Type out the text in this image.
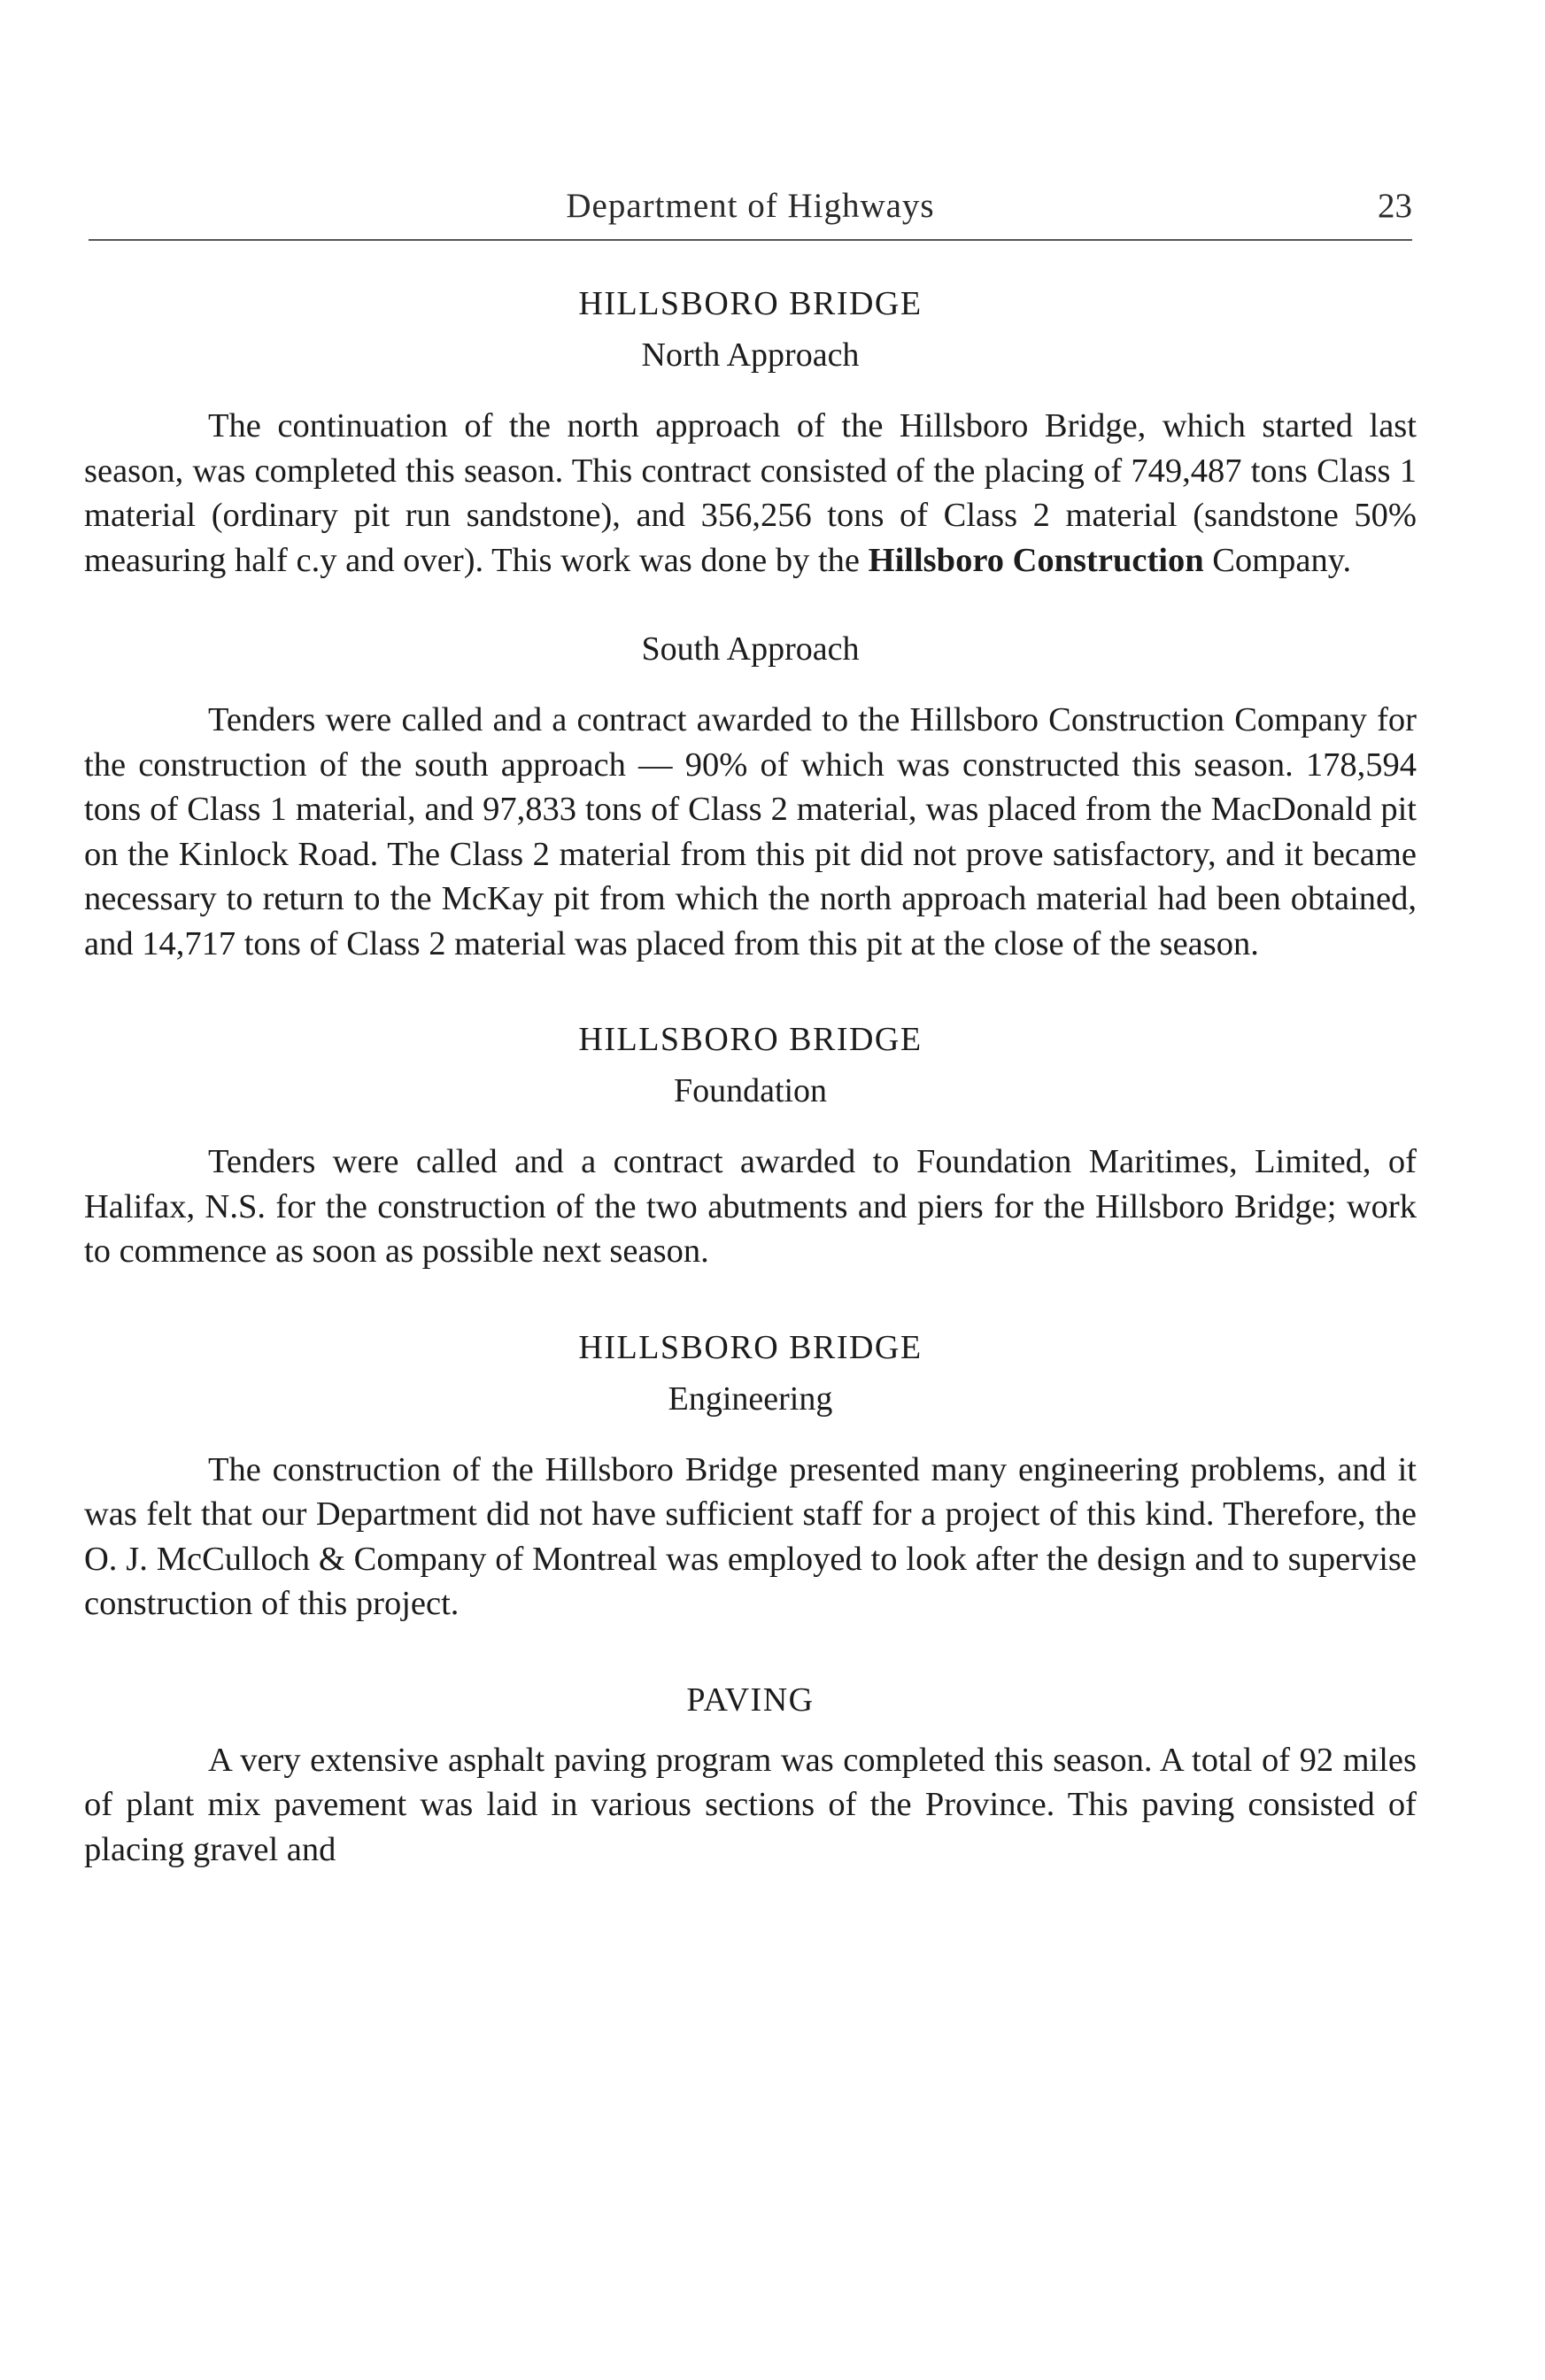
Department of Highways	23
HILLSBORO BRIDGE
North Approach

The continuation of the north approach of the Hillsboro Bridge, which started last season, was completed this season. This contract consisted of the placing of 749,487 tons Class 1 material (ordinary pit run sandstone), and 356,256 tons of Class 2 material (sandstone 50% measuring half c.y and over). This work was done by the Hillsboro Construction Company.

South Approach

Tenders were called and a contract awarded to the Hillsboro Construction Company for the construction of the south approach — 90% of which was constructed this season. 178,594 tons of Class 1 material, and 97,833 tons of Class 2 material, was placed from the MacDonald pit on the Kinlock Road. The Class 2 material from this pit did not prove satisfactory, and it became necessary to return to the McKay pit from which the north approach material had been obtained, and 14,717 tons of Class 2 material was placed from this pit at the close of the season.

HILLSBORO BRIDGE
Foundation

Tenders were called and a contract awarded to Foundation Maritimes, Limited, of Halifax, N.S. for the construction of the two abutments and piers for the Hillsboro Bridge; work to commence as soon as possible next season.

HILLSBORO BRIDGE
Engineering

The construction of the Hillsboro Bridge presented many engineering problems, and it was felt that our Department did not have sufficient staff for a project of this kind. Therefore, the O. J. McCulloch & Company of Montreal was employed to look after the design and to supervise construction of this project.

PAVING

A very extensive asphalt paving program was completed this season. A total of 92 miles of plant mix pavement was laid in various sections of the Province. This paving consisted of placing gravel and
